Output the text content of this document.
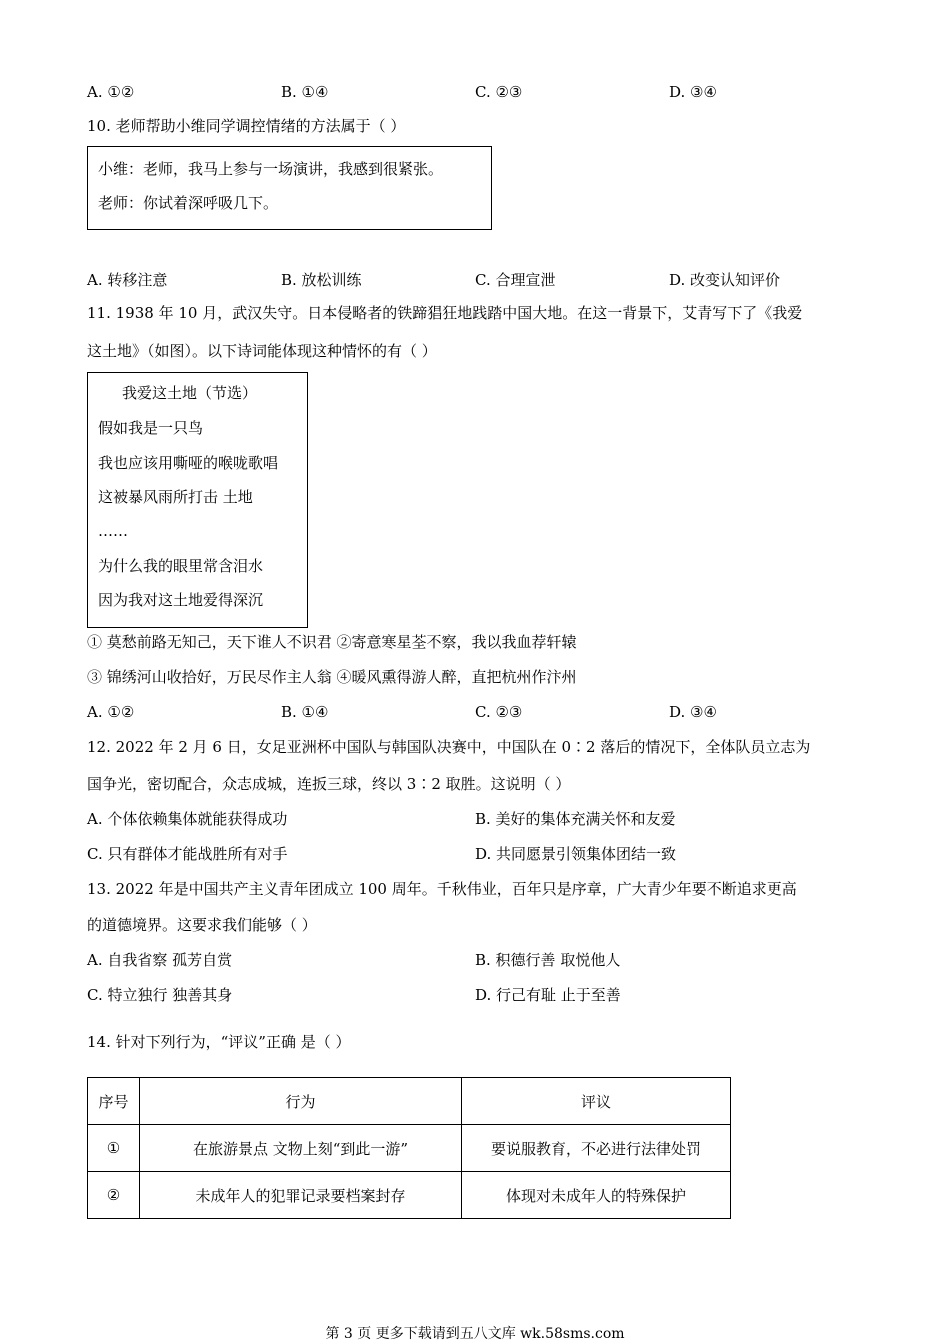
A. ①②	B. ①④	C. ②③	D. ③④
10. 老师帮助小维同学调控情绪的方法属于（ ）
小维：老师，我马上参与一场演讲，我感到很紧张。
老师：你试着深呼吸几下。
A. 转移注意	B. 放松训练	C. 合理宣泄	D. 改变认知评价
11. 1938 年 10 月，武汉失守。日本侵略者的铁蹄猖狂地践踏中国大地。在这一背景下，艾青写下了《我爱
这土地》（如图）。以下诗词能体现这种情怀的有（ ）
我爱这土地（节选）
假如我是一只鸟
我也应该用嘶哑的喉咙歌唱
这被暴风雨所打击 土地
……
为什么我的眼里常含泪水
因为我对这土地爱得深沉
① 莫愁前路无知己，天下谁人不识君 ②寄意寒星荃不察，我以我血荐轩辕
③ 锦绣河山收拾好，万民尽作主人翁 ④暖风熏得游人醉，直把杭州作汴州
A. ①②	B. ①④	C. ②③	D. ③④
12. 2022 年 2 月 6 日，女足亚洲杯中国队与韩国队决赛中，中国队在 0∶2 落后的情况下，全体队员立志为
国争光，密切配合，众志成城，连扳三球，终以 3∶2 取胜。这说明（ ）
A. 个体依赖集体就能获得成功	B. 美好的集体充满关怀和友爱
C. 只有群体才能战胜所有对手	D. 共同愿景引领集体团结一致
13. 2022 年是中国共产主义青年团成立 100 周年。千秋伟业，百年只是序章，广大青少年要不断追求更高
的道德境界。这要求我们能够（ ）
A. 自我省察 孤芳自赏	B. 积德行善 取悦他人
C. 特立独行 独善其身	D. 行己有耻 止于至善
14. 针对下列行为，“评议”正确 是（ ）
序号	行为	评议
①	在旅游景点 文物上刻“到此一游”	要说服教育，不必进行法律处罚
②	未成年人的犯罪记录要档案封存	体现对未成年人的特殊保护
第 3 页 更多下载请到五八文库 wk.58sms.com
